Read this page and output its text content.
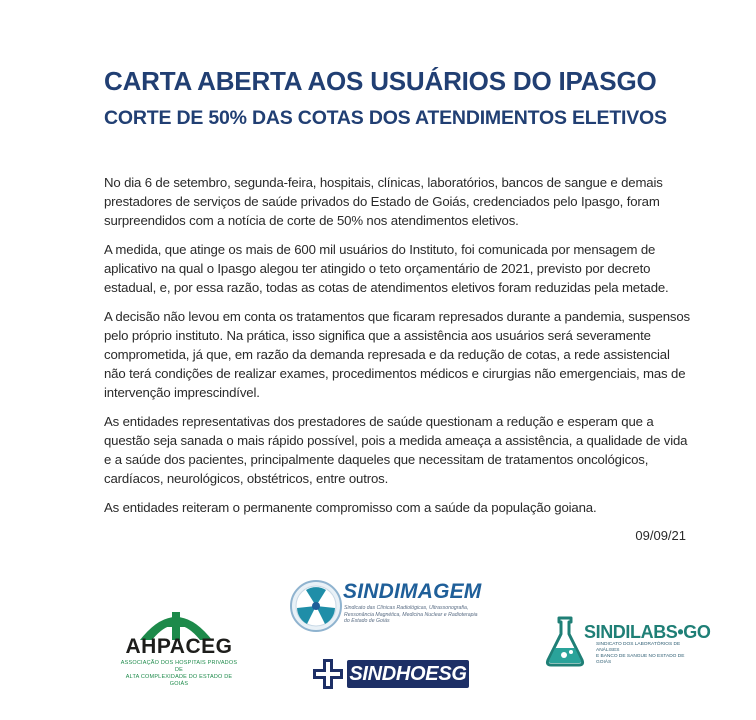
CARTA ABERTA AOS USUÁRIOS DO IPASGO
CORTE DE 50% DAS COTAS DOS ATENDIMENTOS ELETIVOS

No dia 6 de setembro, segunda-feira, hospitais, clínicas, laboratórios, bancos de sangue e demais prestadores de serviços de saúde privados do Estado de Goiás, credenciados pelo Ipasgo, foram surpreendidos com a notícia de corte de 50% nos atendimentos eletivos.

A medida, que atinge os mais de 600 mil usuários do Instituto, foi comunicada por mensagem de aplicativo na qual o Ipasgo alegou ter atingido o teto orçamentário de 2021, previsto por decreto estadual, e, por essa razão, todas as cotas de atendimentos eletivos foram reduzidas pela metade.

A decisão não levou em conta os tratamentos que ficaram represados durante a pandemia, suspensos pelo próprio instituto. Na prática, isso significa que a assistência aos usuários será severamente comprometida, já que, em razão da demanda represada e da redução de cotas, a rede assistencial não terá condições de realizar exames, procedimentos médicos e cirurgias não emergenciais, mas de intervenção imprescindível.

As entidades representativas dos prestadores de saúde questionam a redução e esperam que a questão seja sanada o mais rápido possível, pois a medida ameaça a assistência, a qualidade de vida e a saúde dos pacientes, principalmente daqueles que necessitam de tratamentos oncológicos, cardíacos, neurológicos, obstétricos, entre outros.

As entidades reiteram o permanente compromisso com a saúde da população goiana.

09/09/21
AHPACEG
ASSOCIAÇÃO DOS HOSPITAIS PRIVADOS DE
ALTA COMPLEXIDADE DO ESTADO DE GOIÁS
SINDIMAGEM
Sindicato das Clínicas Radiológicas, Ultrassonografia,
Ressonância Magnética, Medicina Nuclear e Radioterapia
do Estado de Goiás
SINDHOESG
SINDILABS•GO
SINDICATO DOS LABORATÓRIOS DE ANÁLISES
E BANCO DE SANGUE NO ESTADO DE GOIÁS
